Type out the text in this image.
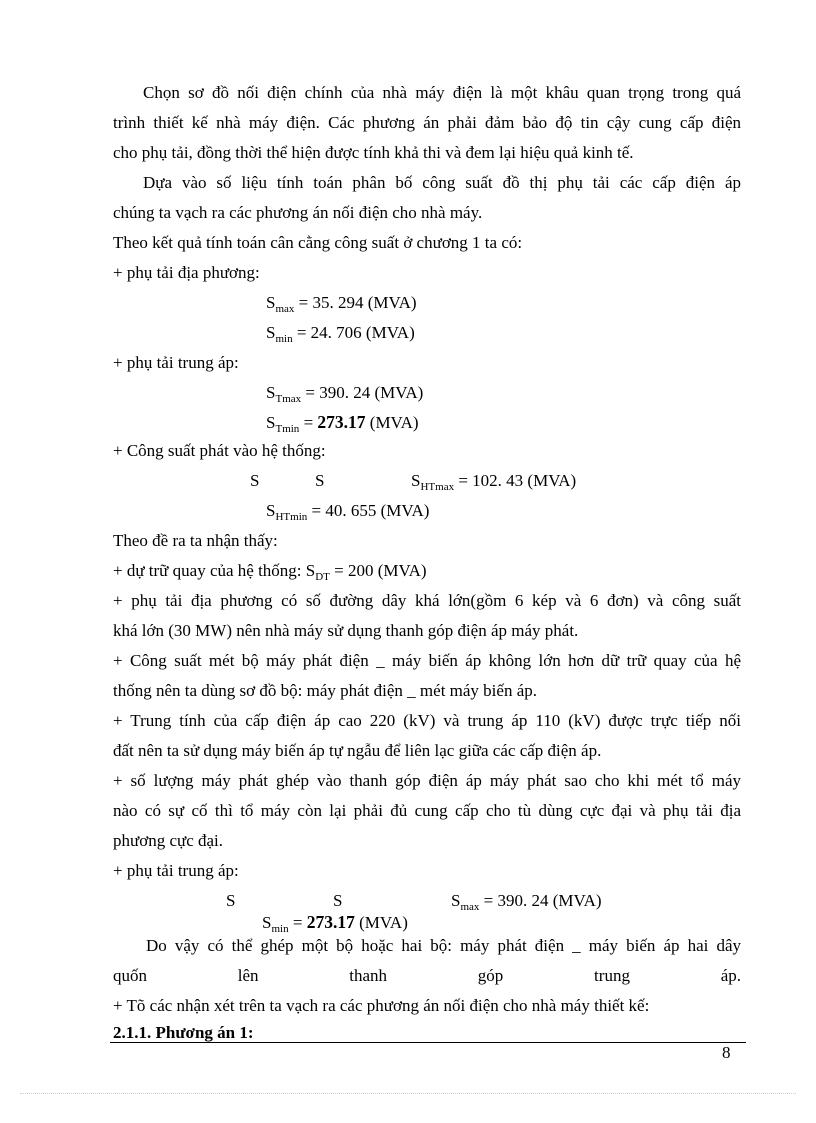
Chọn sơ đồ nối điện chính của nhà máy điện là một khâu quan trọng trong quá
trình thiết kế nhà máy điện. Các phương án phải đảm bảo độ tin cậy cung cấp điện
cho phụ tải, đồng thời thể hiện được tính khả thi và đem lại hiệu quả kinh tế.
Dựa vào số liệu tính toán phân bố công suất đồ thị phụ tải các cấp điện áp
chúng ta vạch ra các phương án nối điện cho nhà máy.
Theo kết quả tính toán cân cằng công suất ở chương 1 ta có:
+ phụ tải địa phương:
$S_{max} = 35$. 294 (MVA)
$S_{min} = 24$. 706 (MVA)
+ phụ tải trung áp:
$S_{Tmax} = 390$. 24 (MVA)
$S_{Tmin} = 273.17$ (MVA)
+ Công suất phát vào hệ thống:
S	S	$S_{HTmax} = 102$. 43 (MVA)
$S_{HTmin} = 40$. 655 (MVA)
Theo đề ra ta nhận thấy:
+ dự trữ quay của hệ thống: $S_{DT} = 200$ (MVA)
+ phụ tải địa phương có số đường dây khá lớn(gồm 6 kép và 6 đơn) và công suất
khá lớn (30 MW) nên nhà máy sử dụng thanh góp điện áp máy phát.
+ Công suất mét bộ máy phát điện _ máy biến áp không lớn hơn dữ trữ quay của hệ
thống nên ta dùng sơ đồ bộ: máy phát điện _ mét máy biến áp.
+ Trung tính của cấp điện áp cao 220 (kV) và trung áp 110 (kV) được trực tiếp nối
đất nên ta sử dụng máy biến áp tự ngẫu để liên lạc giữa các cấp điện áp.
+ số lượng máy phát ghép vào thanh góp điện áp máy phát sao cho khi mét tổ máy
nào có sự cố thì tổ máy còn lại phải đủ cung cấp cho tù dùng cực đại và phụ tải địa
phương cực đại.
+ phụ tải trung áp:
S	S	$S_{max} = 390$. 24 (MVA)
$S_{min} = 273.17$ (MVA)
Do vậy có thể ghép một bộ hoặc hai bộ: máy phát điện _ máy biến áp hai dây
quốn lên thanh góp trung áp.
+ Tõ các nhận xét trên ta vạch ra các phương án nối điện cho nhà máy thiết kế:
2.1.1. Phương án 1:
8
